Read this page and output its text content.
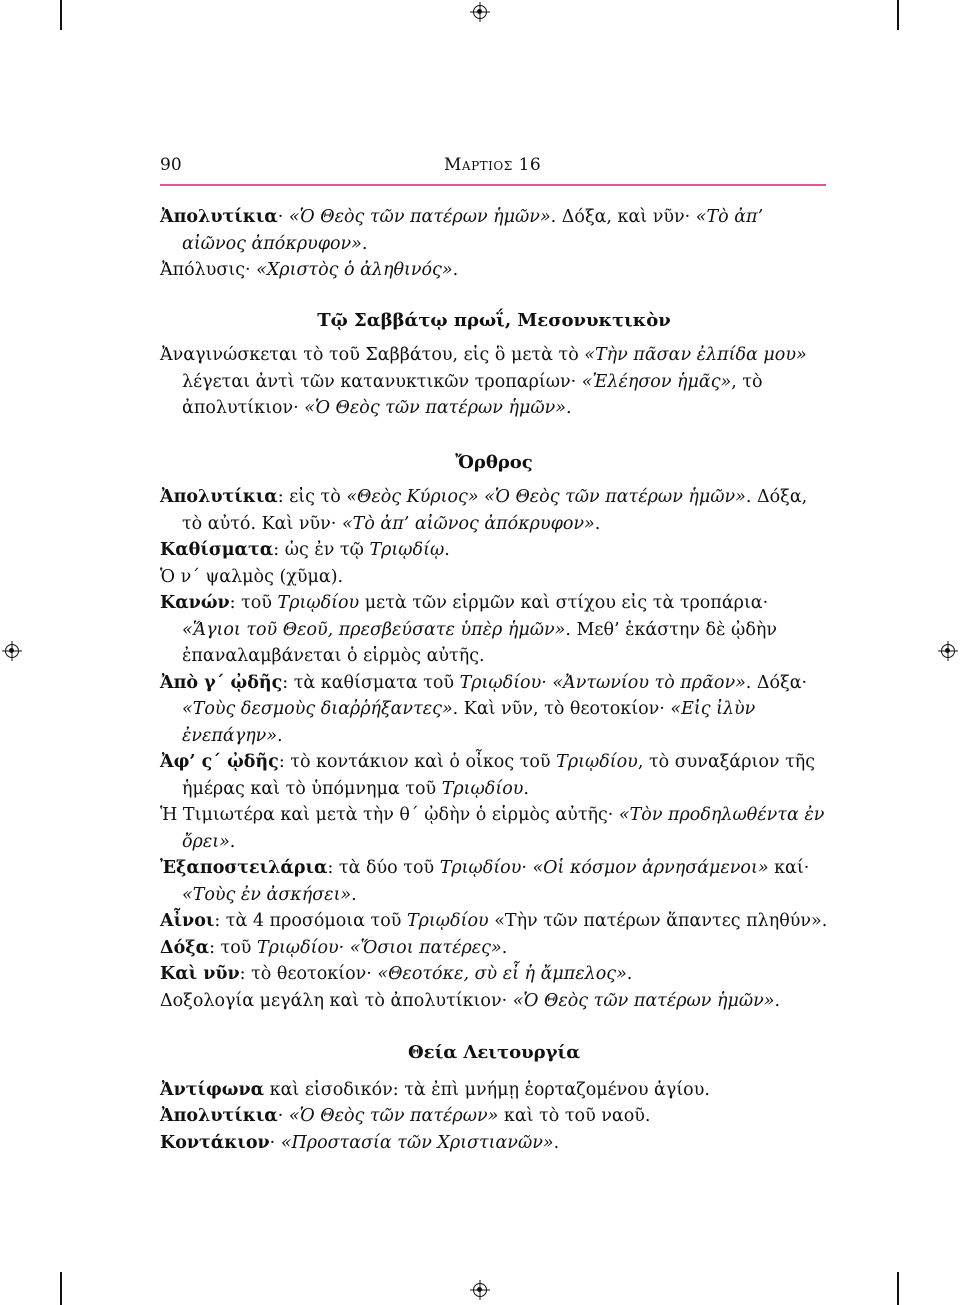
90	Μαρτιος 16

Ἀπολυτίκια· «Ὁ Θεὸς τῶν πατέρων ἡμῶν». Δόξα, καὶ νῦν· «Τὸ ἀπ’ αἰῶνος ἀπόκρυφον».

Ἀπόλυσις· «Χριστὸς ὁ ἀληθινός».

Τῷ Σαββάτῳ πρωΐ, Μεσονυκτικὸν

Ἀναγινώσκεται τὸ τοῦ Σαββάτου, εἰς ὃ μετὰ τὸ «Τὴν πᾶσαν ἐλπίδα μου» λέγεται ἀντὶ τῶν κατανυκτικῶν τροπαρίων· «Ἐλέησον ἡμᾶς», τὸ ἀπολυτίκιον· «Ὁ Θεὸς τῶν πατέρων ἡμῶν».

Ὄρθρος

Ἀπολυτίκια: εἰς τὸ «Θεὸς Κύριος» «Ὁ Θεὸς τῶν πατέρων ἡμῶν». Δόξα, τὸ αὐτό. Καὶ νῦν· «Τὸ ἀπ’ αἰῶνος ἀπόκρυφον».

Καθίσματα: ὡς ἐν τῷ Τριῳδίῳ.

Ὁ ν΄ ψαλμὸς (χῦμα).

Κανών: τοῦ Τριῳδίου μετὰ τῶν εἱρμῶν καὶ στίχου εἰς τὰ τροπάρια· «Ἅγιοι τοῦ Θεοῦ, πρεσβεύσατε ὑπὲρ ἡμῶν». Μεθ’ ἑκάστην δὲ ᾠδὴν ἐπαναλαμβάνεται ὁ εἱρμὸς αὐτῆς.

Ἀπὸ γ΄ ᾠδῆς: τὰ καθίσματα τοῦ Τριῳδίου· «Ἀντωνίου τὸ πρᾶον». Δόξα· «Τοὺς δεσμοὺς διαῤῥήξαντες». Καὶ νῦν, τὸ θεοτοκίον· «Εἰς ἰλὺν ἐνεπάγην».

Ἀφ’ ς΄ ᾠδῆς: τὸ κοντάκιον καὶ ὁ οἶκος τοῦ Τριῳδίου, τὸ συναξάριον τῆς ἡμέρας καὶ τὸ ὑπόμνημα τοῦ Τριῳδίου.

Ἡ Τιμιωτέρα καὶ μετὰ τὴν θ΄ ᾠδὴν ὁ εἱρμὸς αὐτῆς· «Τὸν προδηλωθέντα ἐν ὄρει».

Ἐξαποστειλάρια: τὰ δύο τοῦ Τριῳδίου· «Οἱ κόσμον ἀρνησάμενοι» καί· «Τοὺς ἐν ἀσκήσει».

Αἶνοι: τὰ 4 προσόμοια τοῦ Τριῳδίου «Τὴν τῶν πατέρων ἅπαντες πληθύν».

Δόξα: τοῦ Τριῳδίου· «Ὅσιοι πατέρες».

Καὶ νῦν: τὸ θεοτοκίον· «Θεοτόκε, σὺ εἶ ἡ ἄμπελος».

Δοξολογία μεγάλη καὶ τὸ ἀπολυτίκιον· «Ὁ Θεὸς τῶν πατέρων ἡμῶν».

Θεία Λειτουργία

Ἀντίφωνα καὶ εἰσοδικόν: τὰ ἐπὶ μνήμῃ ἑορταζομένου ἁγίου.

Ἀπολυτίκια· «Ὁ Θεὸς τῶν πατέρων» καὶ τὸ τοῦ ναοῦ.

Κοντάκιον· «Προστασία τῶν Χριστιανῶν».
